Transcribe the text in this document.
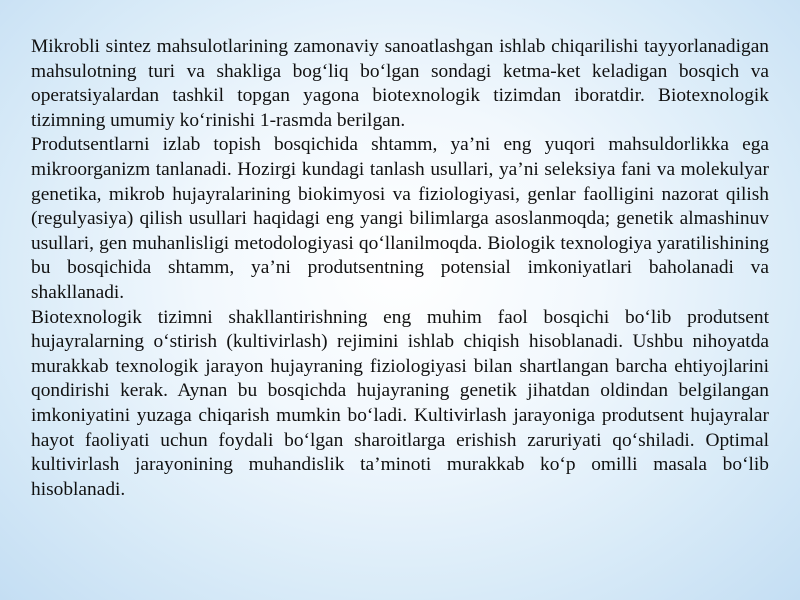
Mikrobli sintez mahsulotlarining zamonaviy sanoatlashgan ishlab chiqarilishi tayyorlanadigan mahsulotning turi va shakliga bog‘liq bo‘lgan sondagi ketma-ket keladigan bosqich va operatsiyalardan tashkil topgan yagona biotexnologik tizimdan iboratdir. Biotexnologik tizimning umumiy ko‘rinishi 1-rasmda berilgan.

Produtsentlarni izlab topish bosqichida shtamm, ya’ni eng yuqori mahsuldorlikka ega mikroorganizm tanlanadi. Hozirgi kundagi tanlash usullari, ya’ni seleksiya fani va molekulyar genetika, mikrob hujayralarining biokimyosi va fiziologiyasi, genlar faolligini nazorat qilish (regulyasiya) qilish usullari haqidagi eng yangi bilimlarga asoslanmoqda; genetik almashinuv usullari, gen muhanlisligi metodologiyasi qo‘llanilmoqda. Biologik texnologiya yaratilishining bu bosqichida shtamm, ya’ni produtsentning potensial imkoniyatlari baholanadi va shakllanadi.

Biotexnologik tizimni shakllantirishning eng muhim faol bosqichi bo‘lib produtsent hujayralarning o‘stirish (kultivirlash) rejimini ishlab chiqish hisoblanadi. Ushbu nihoyatda murakkab texnologik jarayon hujayraning fiziologiyasi bilan shartlangan barcha ehtiyojlarini qondirishi kerak. Aynan bu bosqichda hujayraning genetik jihatdan oldindan belgilangan imkoniyatini yuzaga chiqarish mumkin bo‘ladi. Kultivirlash jarayoniga produtsent hujayralar hayot faoliyati uchun foydali bo‘lgan sharoitlarga erishish zaruriyati qo‘shiladi. Optimal kultivirlash jarayonining muhandislik ta’minoti murakkab ko‘p omilli masala bo‘lib hisoblanadi.
